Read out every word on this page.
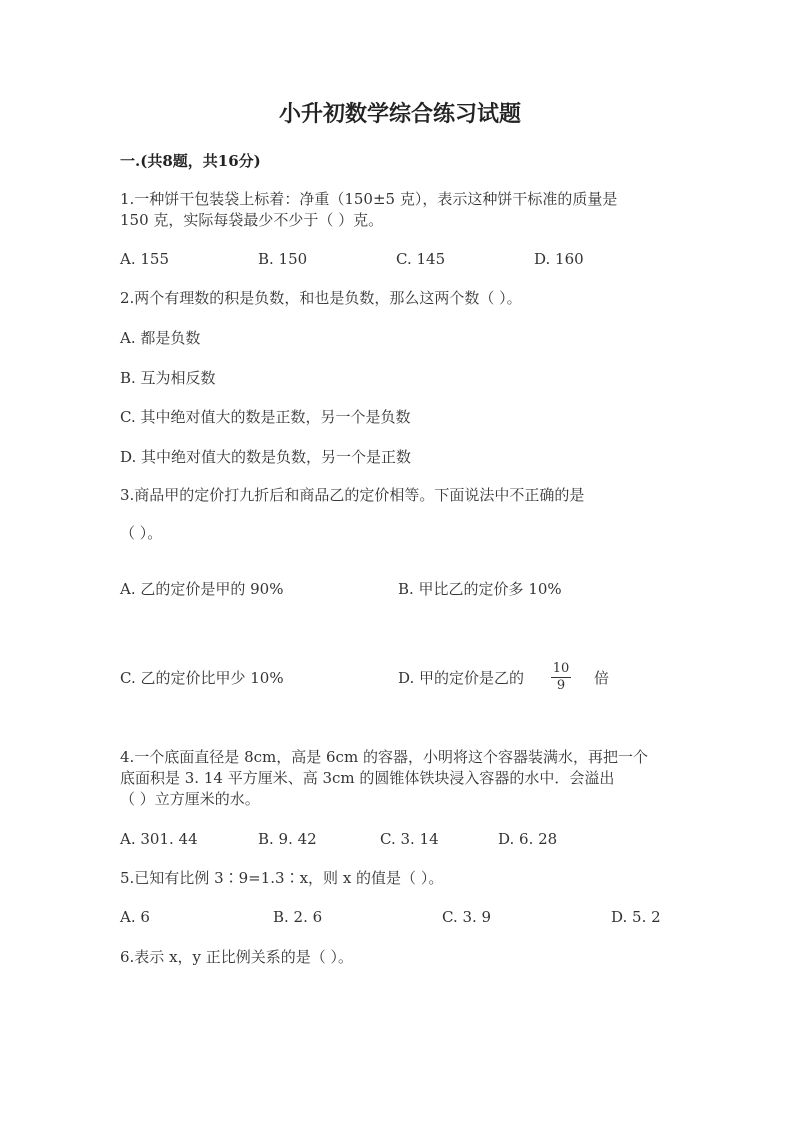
小升初数学综合练习试题
一.(共8题，共16分)
1.一种饼干包装袋上标着：净重（150±5 克），表示这种饼干标准的质量是
150 克，实际每袋最少不少于（ ）克。
A. 155	B. 150	C. 145	D. 160
2.两个有理数的积是负数，和也是负数，那么这两个数（ ）。
A. 都是负数
B. 互为相反数
C. 其中绝对值大的数是正数，另一个是负数
D. 其中绝对值大的数是负数，另一个是正数
3.商品甲的定价打九折后和商品乙的定价相等。下面说法中不正确的是
（ ）。
A. 乙的定价是甲的 90%	B. 甲比乙的定价多 10%
C. 乙的定价比甲少 10%	D. 甲的定价是乙的
10
9	倍
4.一个底面直径是 8cm，高是 6cm 的容器，小明将这个容器装满水，再把一个
底面积是 3. 14 平方厘米、高 3cm 的圆锥体铁块浸入容器的水中．会溢出
（ ）立方厘米的水。
A. 301. 44	B. 9. 42	C. 3. 14	D. 6. 28
5.已知有比例 3∶9=1.3∶x，则 x 的值是（ ）。
A. 6	B. 2. 6	C. 3. 9	D. 5. 2
6.表示 x，y 正比例关系的是（ ）。
